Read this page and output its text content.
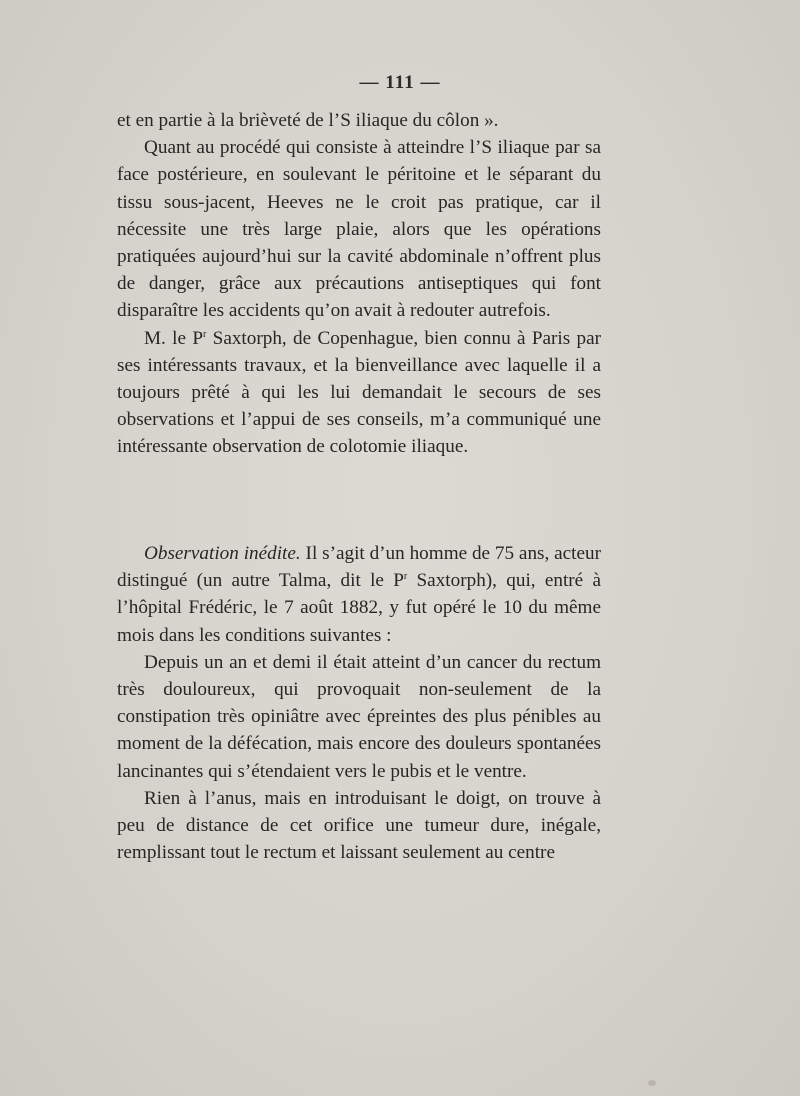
— 111 —

et en partie à la brièveté de l’S iliaque du côlon ».

Quant au procédé qui consiste à atteindre l’S iliaque par sa face postérieure, en soulevant le péritoine et le séparant du tissu sous-jacent, Heeves ne le croit pas pratique, car il nécessite une très large plaie, alors que les opérations pratiquées aujourd’hui sur la cavité abdominale n’offrent plus de danger, grâce aux précautions antiseptiques qui font disparaître les accidents qu’on avait à redouter autrefois.

M. le $P^r$ Saxtorph, de Copenhague, bien connu à Paris par ses intéressants travaux, et la bienveillance avec laquelle il a toujours prêté à qui les lui demandait le secours de ses observations et l’appui de ses conseils, m’a communiqué une intéressante observation de colotomie iliaque.

Observation inédite. Il s’agit d’un homme de 75 ans, acteur distingué (un autre Talma, dit le $P^r$ Saxtorph), qui, entré à l’hôpital Frédéric, le 7 août 1882, y fut opéré le 10 du même mois dans les conditions suivantes :

Depuis un an et demi il était atteint d’un cancer du rectum très douloureux, qui provoquait non-seulement de la constipation très opiniâtre avec épreintes des plus pénibles au moment de la défécation, mais encore des douleurs spontanées lancinantes qui s’étendaient vers le pubis et le ventre.

Rien à l’anus, mais en introduisant le doigt, on trouve à peu de distance de cet orifice une tumeur dure, inégale, remplissant tout le rectum et laissant seulement au centre
